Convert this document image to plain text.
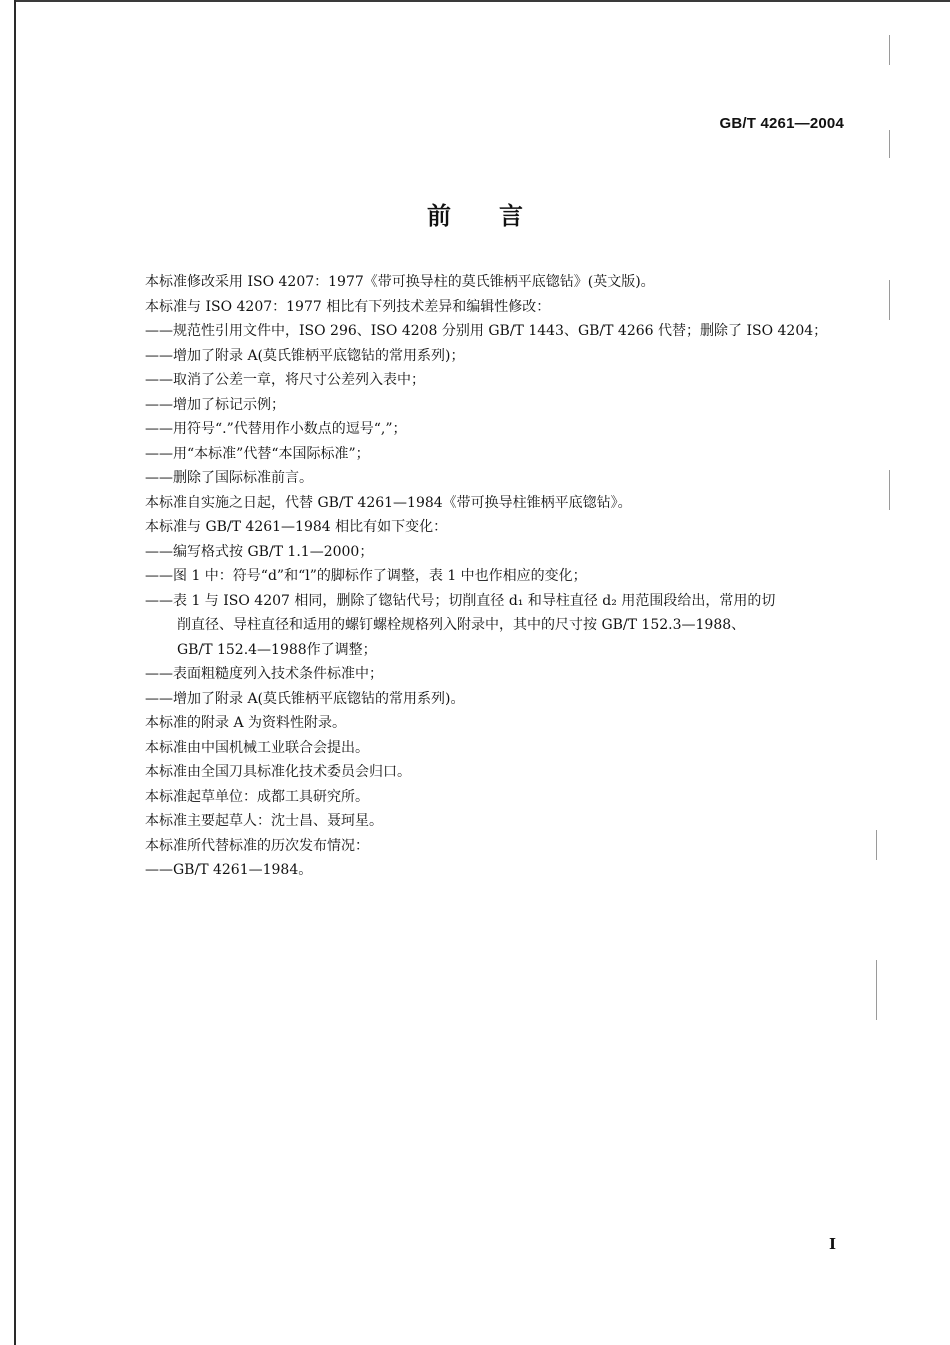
GB/T 4261—2004
前言
本标准修改采用 ISO 4207：1977《带可换导柱的莫氏锥柄平底锪钻》(英文版)。
本标准与 ISO 4207：1977 相比有下列技术差异和编辑性修改：
——规范性引用文件中，ISO 296、ISO 4208 分别用 GB/T 1443、GB/T 4266 代替；删除了 ISO 4204；
——增加了附录 A(莫氏锥柄平底锪钻的常用系列)；
——取消了公差一章，将尺寸公差列入表中；
——增加了标记示例；
——用符号“.”代替用作小数点的逗号“,”；
——用“本标准”代替“本国际标准”；
——删除了国际标准前言。
本标准自实施之日起，代替 GB/T 4261—1984《带可换导柱锥柄平底锪钻》。
本标准与 GB/T 4261—1984 相比有如下变化：
——编写格式按 GB/T 1.1—2000；
——图 1 中：符号“d”和“l”的脚标作了调整，表 1 中也作相应的变化；
——表 1 与 ISO 4207 相同，删除了锪钻代号；切削直径 d₁ 和导柱直径 d₂ 用范围段给出，常用的切
削直径、导柱直径和适用的螺钉螺栓规格列入附录中，其中的尺寸按 GB/T 152.3—1988、
GB/T 152.4—1988作了调整；
——表面粗糙度列入技术条件标准中；
——增加了附录 A(莫氏锥柄平底锪钻的常用系列)。
本标准的附录 A 为资料性附录。
本标准由中国机械工业联合会提出。
本标准由全国刀具标准化技术委员会归口。
本标准起草单位：成都工具研究所。
本标准主要起草人：沈士昌、聂珂星。
本标准所代替标准的历次发布情况：
——GB/T 4261—1984。
I
